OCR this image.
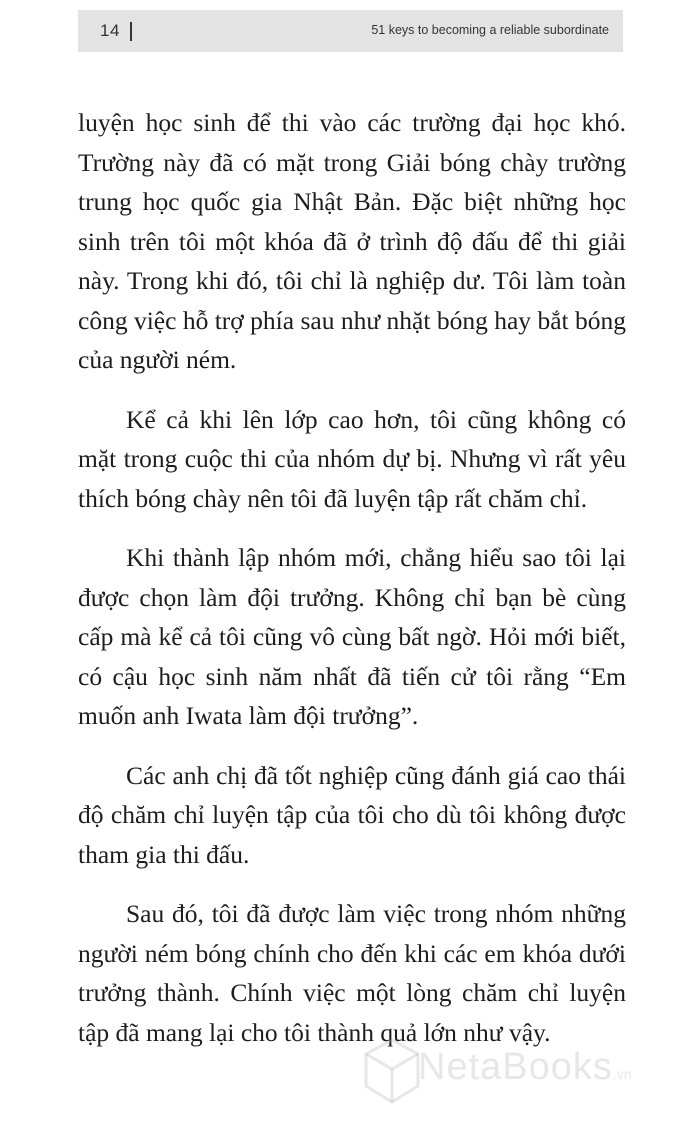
14	51 keys to becoming a reliable subordinate

luyện học sinh để thi vào các trường đại học khó. Trường này đã có mặt trong Giải bóng chày trường trung học quốc gia Nhật Bản. Đặc biệt những học sinh trên tôi một khóa đã ở trình độ đấu để thi giải này. Trong khi đó, tôi chỉ là nghiệp dư. Tôi làm toàn công việc hỗ trợ phía sau như nhặt bóng hay bắt bóng của người ném.

Kể cả khi lên lớp cao hơn, tôi cũng không có mặt trong cuộc thi của nhóm dự bị. Nhưng vì rất yêu thích bóng chày nên tôi đã luyện tập rất chăm chỉ.

Khi thành lập nhóm mới, chẳng hiểu sao tôi lại được chọn làm đội trưởng. Không chỉ bạn bè cùng cấp mà kể cả tôi cũng vô cùng bất ngờ. Hỏi mới biết, có cậu học sinh năm nhất đã tiến cử tôi rằng “Em muốn anh Iwata làm đội trưởng”.

Các anh chị đã tốt nghiệp cũng đánh giá cao thái độ chăm chỉ luyện tập của tôi cho dù tôi không được tham gia thi đấu.

Sau đó, tôi đã được làm việc trong nhóm những người ném bóng chính cho đến khi các em khóa dưới trưởng thành. Chính việc một lòng chăm chỉ luyện tập đã mang lại cho tôi thành quả lớn như vậy.

NetaBooks.vn
